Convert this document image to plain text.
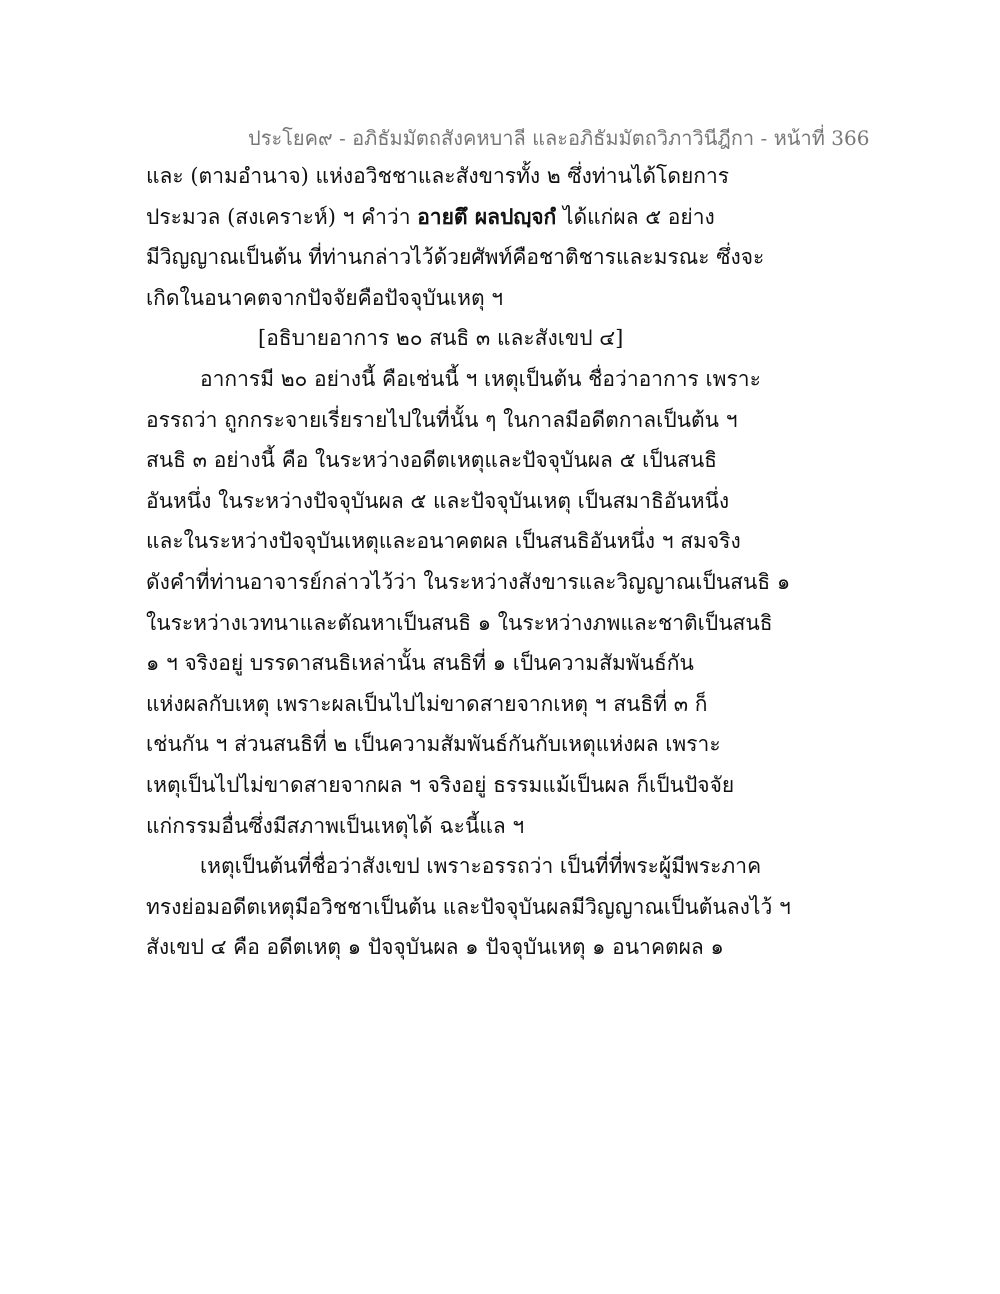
ประโยค๙ - อภิธัมมัตถสังคหบาลี และอภิธัมมัตถวิภาวินีฎีกา - หน้าที่ 366
และ (ตามอำนาจ) แห่งอวิชชาและสังขารทั้ง ๒ ซึ่งท่านได้โดยการ
ประมวล (สงเคราะห์) ฯ คำว่า อายตึ ผลปญฺจกํ ได้แก่ผล ๕ อย่าง
มีวิญญาณเป็นต้น ที่ท่านกล่าวไว้ด้วยศัพท์คือชาติชารและมรณะ ซึ่งจะ
เกิดในอนาคตจากปัจจัยคือปัจจุบันเหตุ ฯ
[อธิบายอาการ ๒๐ สนธิ ๓ และสังเขป ๔]
อาการมี ๒๐ อย่างนี้ คือเช่นนี้ ฯ เหตุเป็นต้น ชื่อว่าอาการ เพราะ
อรรถว่า ถูกกระจายเรี่ยรายไปในที่นั้น ๆ ในกาลมีอดีตกาลเป็นต้น ฯ
สนธิ ๓ อย่างนี้ คือ ในระหว่างอดีตเหตุและปัจจุบันผล ๕ เป็นสนธิ
อันหนึ่ง ในระหว่างปัจจุบันผล ๕ และปัจจุบันเหตุ เป็นสมาธิอันหนึ่ง
และในระหว่างปัจจุบันเหตุและอนาคตผล เป็นสนธิอันหนึ่ง ฯ สมจริง
ดังคำที่ท่านอาจารย์กล่าวไว้ว่า ในระหว่างสังขารและวิญญาณเป็นสนธิ ๑
ในระหว่างเวทนาและตัณหาเป็นสนธิ ๑ ในระหว่างภพและชาติเป็นสนธิ
๑ ฯ จริงอยู่ บรรดาสนธิเหล่านั้น สนธิที่ ๑ เป็นความสัมพันธ์กัน
แห่งผลกับเหตุ เพราะผลเป็นไปไม่ขาดสายจากเหตุ ฯ สนธิที่ ๓ ก็
เช่นกัน ฯ ส่วนสนธิที่ ๒ เป็นความสัมพันธ์กันกับเหตุแห่งผล เพราะ
เหตุเป็นไปไม่ขาดสายจากผล ฯ จริงอยู่ ธรรมแม้เป็นผล ก็เป็นปัจจัย
แก่กรรมอื่นซึ่งมีสภาพเป็นเหตุได้ ฉะนี้แล ฯ
เหตุเป็นต้นที่ชื่อว่าสังเขป เพราะอรรถว่า เป็นที่ที่พระผู้มีพระภาค
ทรงย่อมอดีตเหตุมีอวิชชาเป็นต้น และปัจจุบันผลมีวิญญาณเป็นต้นลงไว้ ฯ
สังเขป ๔ คือ อดีตเหตุ ๑ ปัจจุบันผล ๑ ปัจจุบันเหตุ ๑ อนาคตผล ๑
